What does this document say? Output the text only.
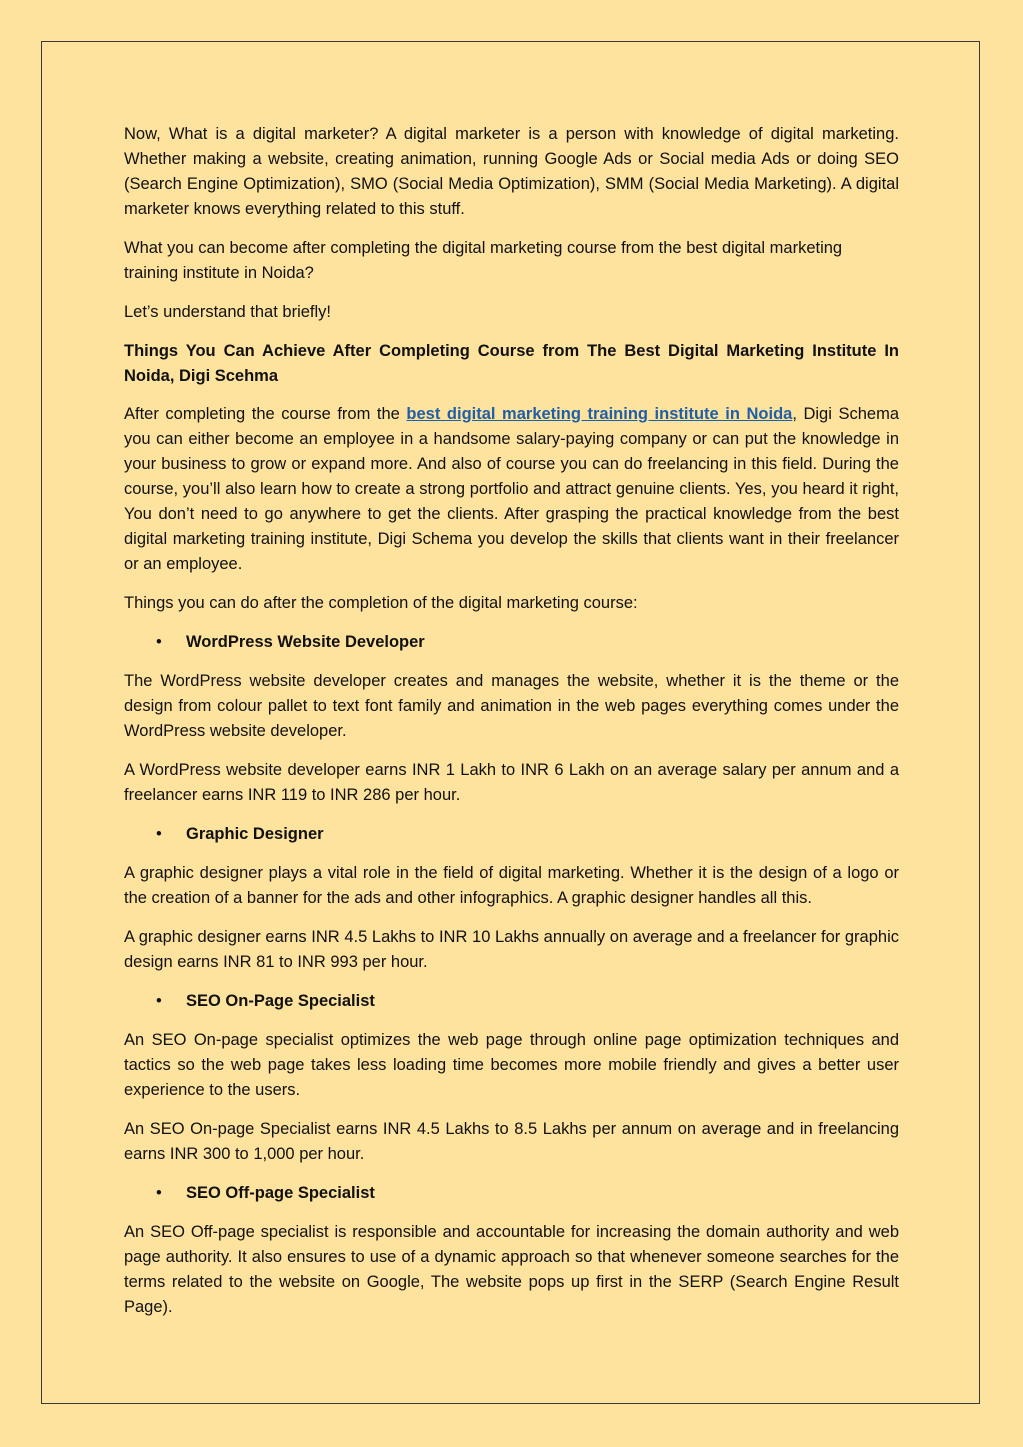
Now, What is a digital marketer? A digital marketer is a person with knowledge of digital marketing. Whether making a website, creating animation, running Google Ads or Social media Ads or doing SEO (Search Engine Optimization), SMO (Social Media Optimization), SMM (Social Media Marketing). A digital marketer knows everything related to this stuff.

What you can become after completing the digital marketing course from the best digital marketing training institute in Noida?

Let’s understand that briefly!

Things You Can Achieve After Completing Course from The Best Digital Marketing Institute In Noida, Digi Scehma

After completing the course from the best digital marketing training institute in Noida, Digi Schema you can either become an employee in a handsome salary-paying company or can put the knowledge in your business to grow or expand more. And also of course you can do freelancing in this field. During the course, you’ll also learn how to create a strong portfolio and attract genuine clients. Yes, you heard it right, You don’t need to go anywhere to get the clients. After grasping the practical knowledge from the best digital marketing training institute, Digi Schema you develop the skills that clients want in their freelancer or an employee.

Things you can do after the completion of the digital marketing course:

• WordPress Website Developer

The WordPress website developer creates and manages the website, whether it is the theme or the design from colour pallet to text font family and animation in the web pages everything comes under the WordPress website developer.

A WordPress website developer earns INR 1 Lakh to INR 6 Lakh on an average salary per annum and a freelancer earns INR 119 to INR 286 per hour.

• Graphic Designer

A graphic designer plays a vital role in the field of digital marketing. Whether it is the design of a logo or the creation of a banner for the ads and other infographics. A graphic designer handles all this.

A graphic designer earns INR 4.5 Lakhs to INR 10 Lakhs annually on average and a freelancer for graphic design earns INR 81 to INR 993 per hour.

• SEO On-Page Specialist

An SEO On-page specialist optimizes the web page through online page optimization techniques and tactics so the web page takes less loading time becomes more mobile friendly and gives a better user experience to the users.

An SEO On-page Specialist earns INR 4.5 Lakhs to 8.5 Lakhs per annum on average and in freelancing earns INR 300 to 1,000 per hour.

• SEO Off-page Specialist

An SEO Off-page specialist is responsible and accountable for increasing the domain authority and web page authority. It also ensures to use of a dynamic approach so that whenever someone searches for the terms related to the website on Google, The website pops up first in the SERP (Search Engine Result Page).
